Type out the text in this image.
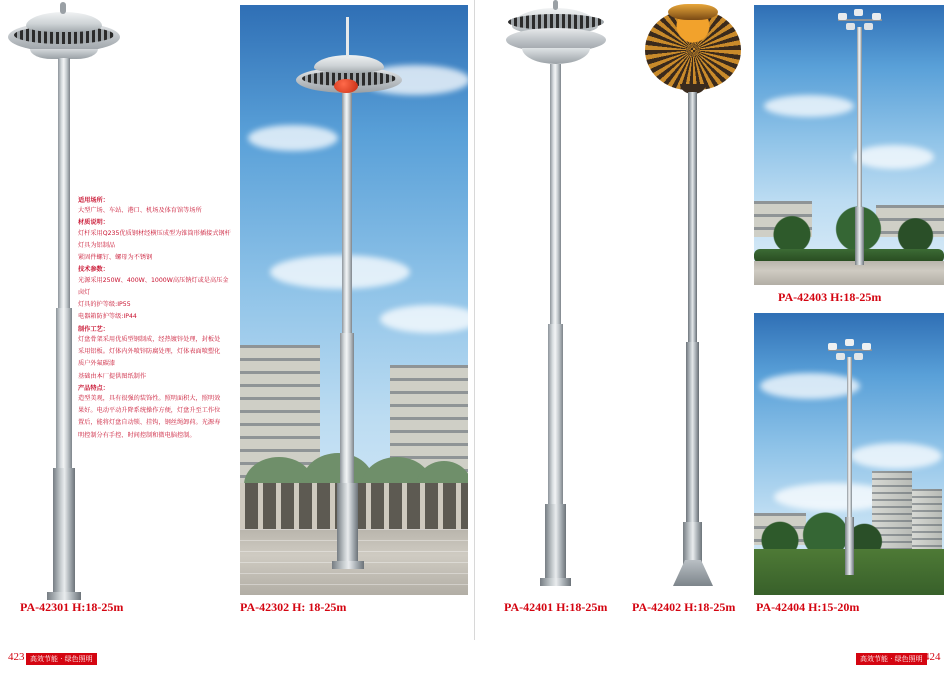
PA-42301 H:18-25m
适用场所：

大型广场、车站、港口、机场及体育馆等场所

材质说明：

灯杆采用Q235优质钢材经横压成型为锥筒形插接式钢杆

灯具为铝制品

紧固件螺钉、螺母为不锈钢

技术参数：

光源采用250W、400W、1000W高压钠灯或是高压金

卤灯

灯具的护等级:IP55

电器箱防护等级:IP44

制作工艺：

灯盘骨架采用优质型钢制成，经热镀锌处理，封板处

采用铝板。灯体内外喷锌防腐处理，灯体表面喷塑化

质户外氟碳漆

基础由本厂提供图纸制作

产品特点：

造型美观，具有很强的装饰性。照明面积大，照明效

果好。电动平动升降系统操作方便，灯盘升至工作位

置后，能将灯盘自动锁、挂钩，钢丝绳卸荷。光源寿

明控制分有手控、时间控制和微电脑控制。

PA-42302 H: 18-25m	PA-42401 H:18-25m PA-42402 H:18-25m
PA-42403 H:18-25m
PA-42404 H:15-20m
423 高效节能 · 绿色照明	高效节能 · 绿色照明 424
